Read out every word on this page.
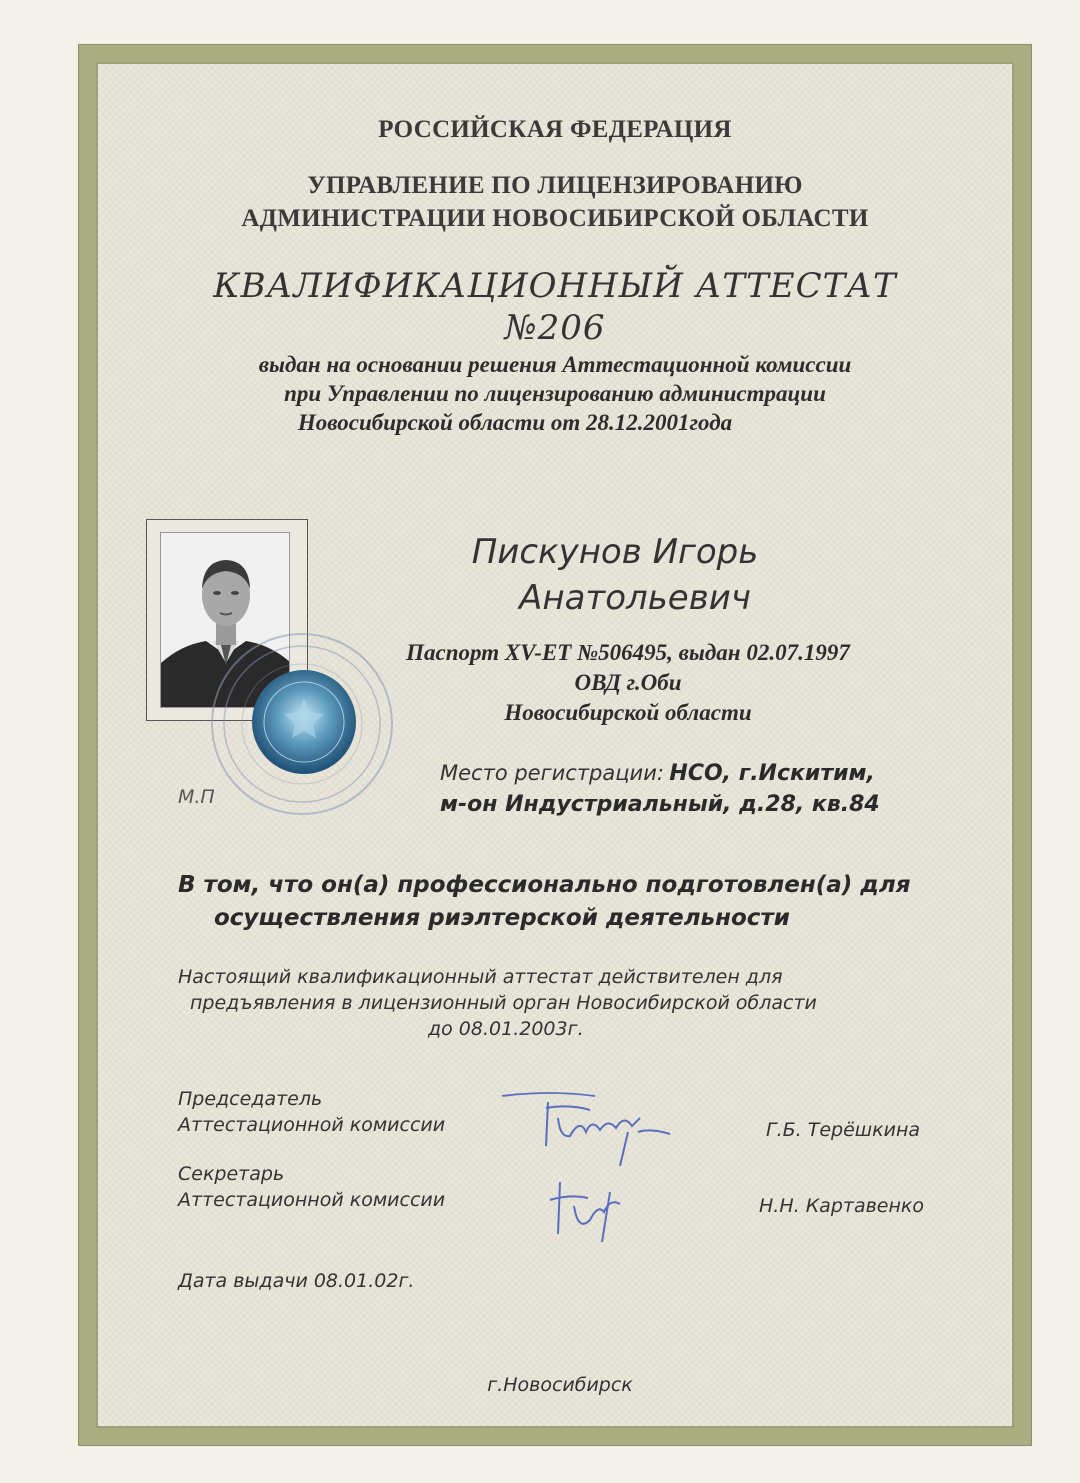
РОССИЙСКАЯ ФЕДЕРАЦИЯ
УПРАВЛЕНИЕ ПО ЛИЦЕНЗИРОВАНИЮ
АДМИНИСТРАЦИИ НОВОСИБИРСКОЙ ОБЛАСТИ
КВАЛИФИКАЦИОННЫЙ АТТЕСТАТ
№206
выдан на основании решения Аттестационной комиссии
при Управлении по лицензированию администрации
Новосибирской области от 28.12.2001года
Пискунов Игорь
Анатольевич
Паспорт XV-ЕТ №506495, выдан 02.07.1997
ОВД г.Оби
Новосибирской области
Место регистрации: НСО, г.Искитим,
м-он Индустриальный, д.28, кв.84
М.П
В том, что он(а) профессионально подготовлен(а) для
осуществления риэлтерской деятельности
Настоящий квалификационный аттестат действителен для
предъявления в лицензионный орган Новосибирской области
до 08.01.2003г.
Председатель
Аттестационной комиссии	Г.Б. Терёшкина
Секретарь
Аттестационной комиссии	Н.Н. Картавенко
Дата выдачи 08.01.02г.
г.Новосибирск
